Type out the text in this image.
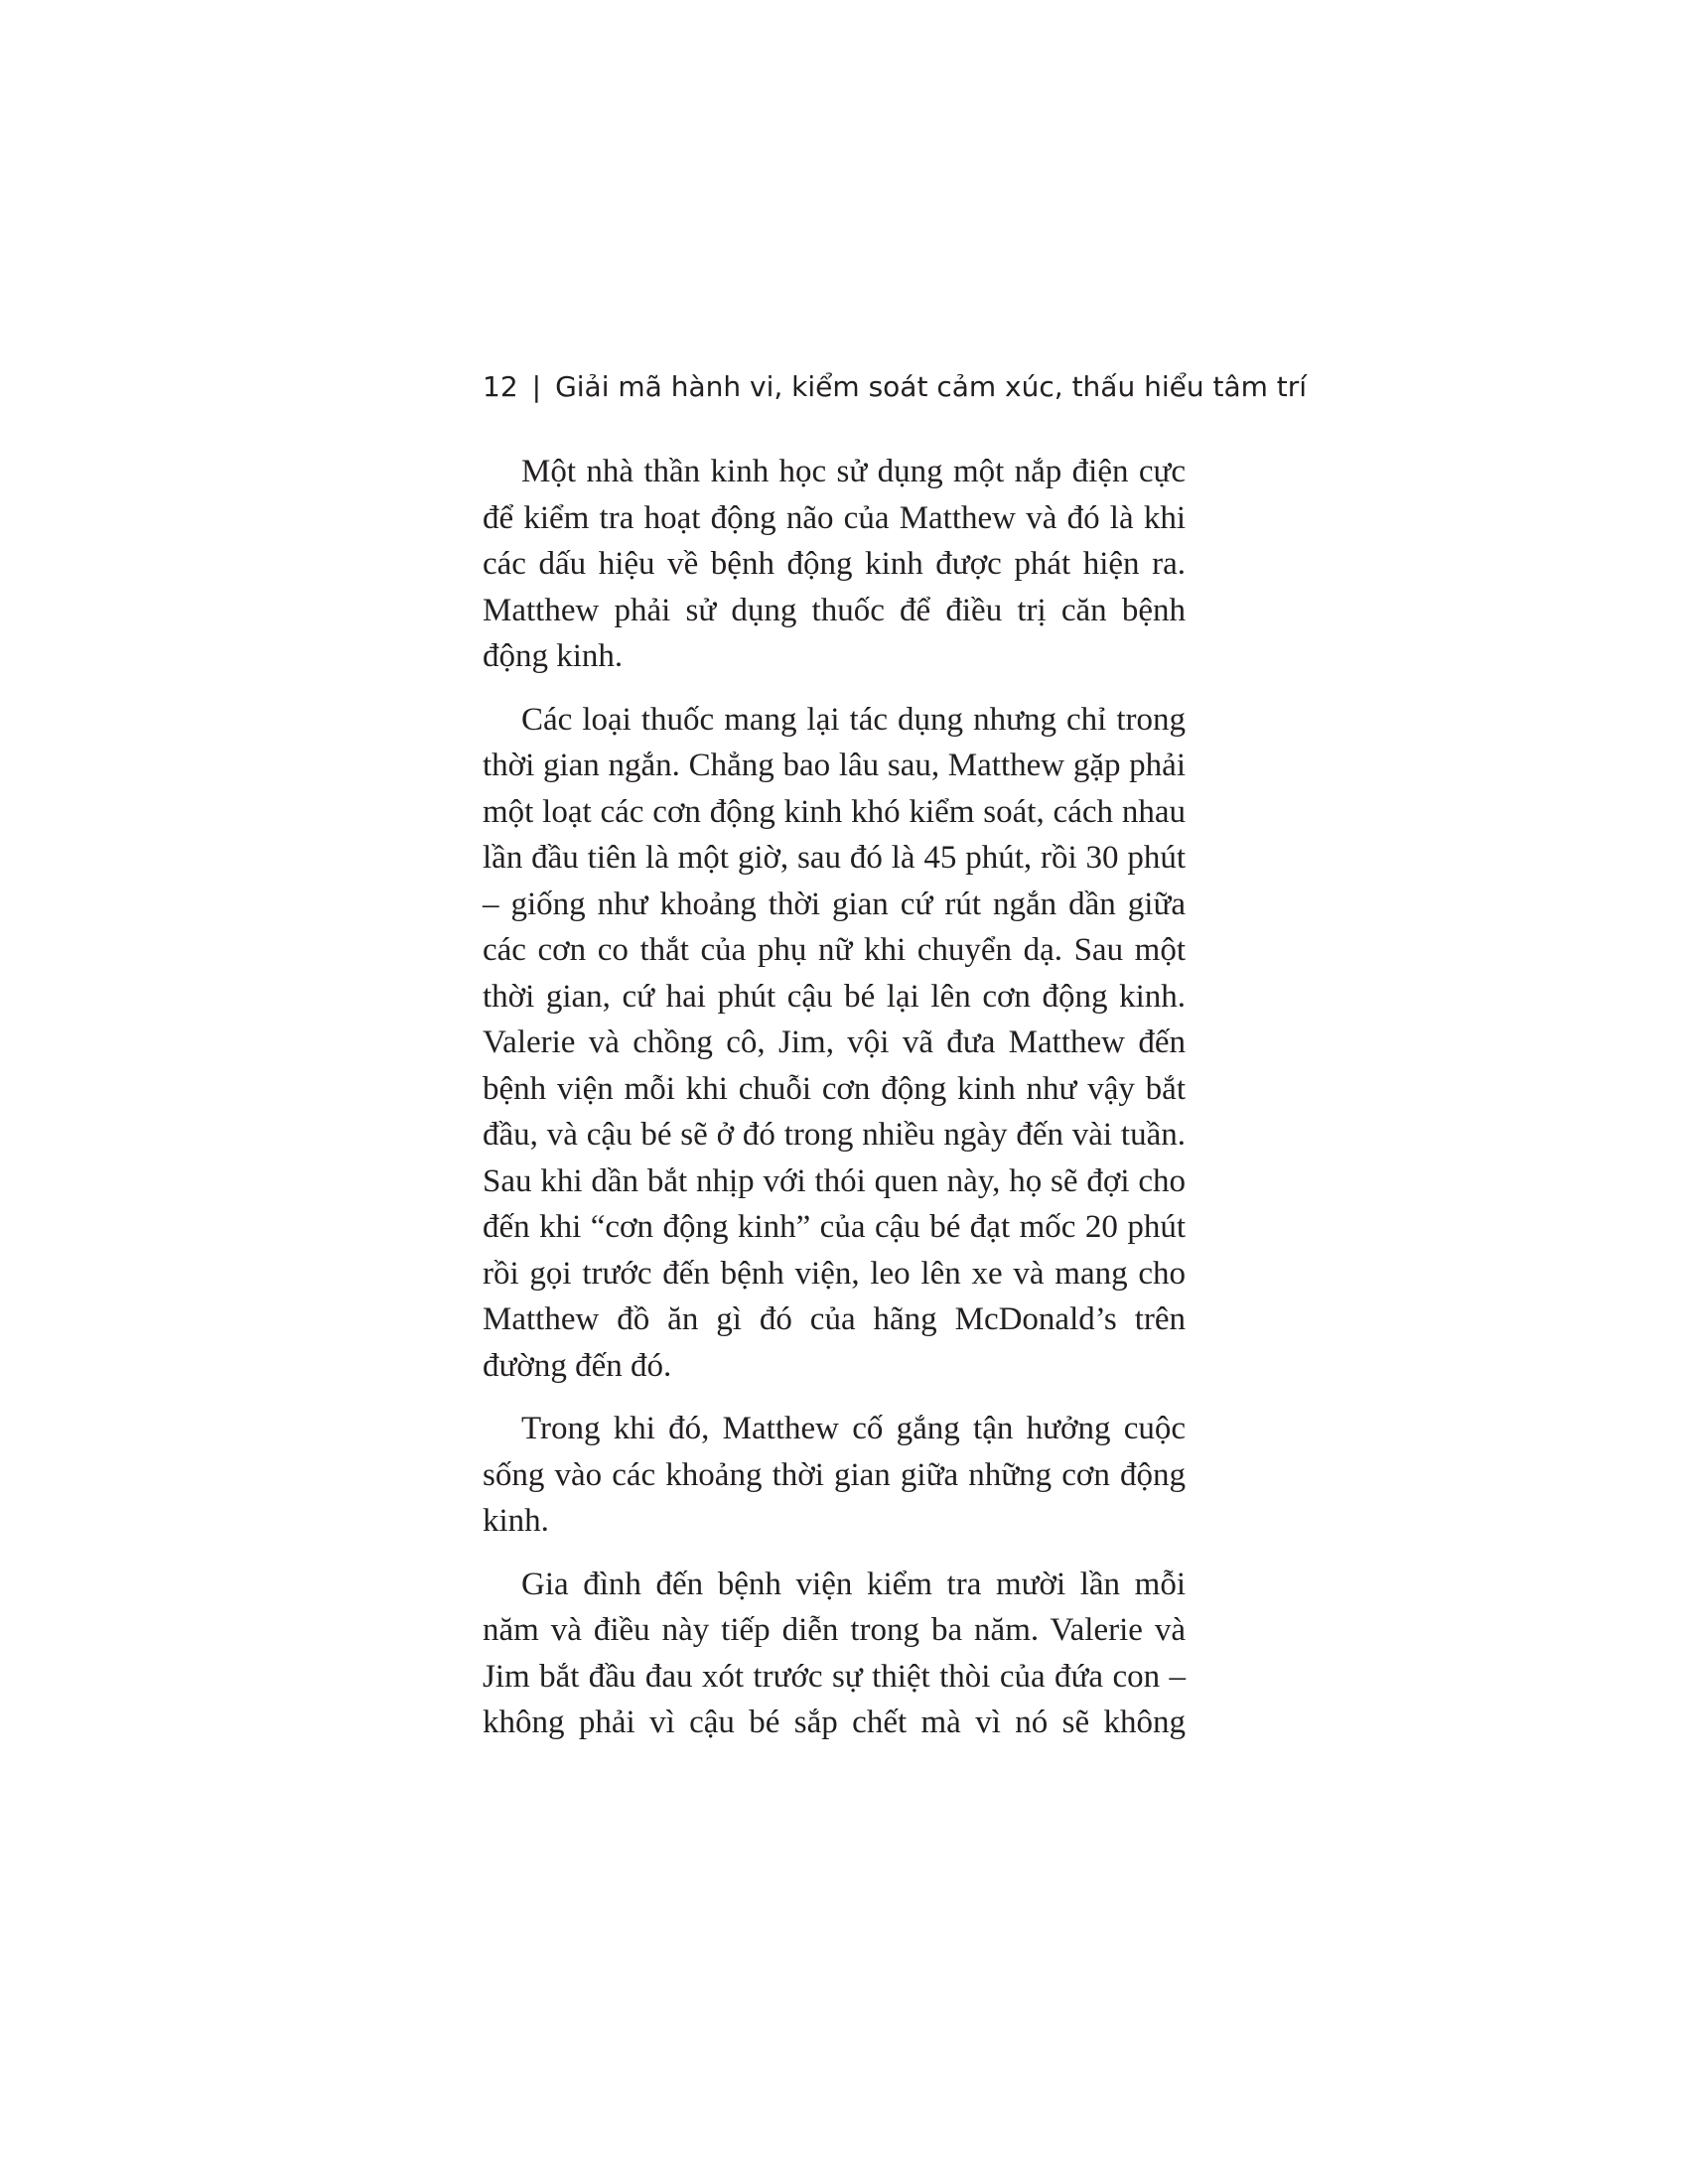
12 | Giải mã hành vi, kiểm soát cảm xúc, thấu hiểu tâm trí

Một nhà thần kinh học sử dụng một nắp điện cực để kiểm tra hoạt động não của Matthew và đó là khi các dấu hiệu về bệnh động kinh được phát hiện ra. Matthew phải sử dụng thuốc để điều trị căn bệnh động kinh.

Các loại thuốc mang lại tác dụng nhưng chỉ trong thời gian ngắn. Chẳng bao lâu sau, Matthew gặp phải một loạt các cơn động kinh khó kiểm soát, cách nhau lần đầu tiên là một giờ, sau đó là 45 phút, rồi 30 phút – giống như khoảng thời gian cứ rút ngắn dần giữa các cơn co thắt của phụ nữ khi chuyển dạ. Sau một thời gian, cứ hai phút cậu bé lại lên cơn động kinh. Valerie và chồng cô, Jim, vội vã đưa Matthew đến bệnh viện mỗi khi chuỗi cơn động kinh như vậy bắt đầu, và cậu bé sẽ ở đó trong nhiều ngày đến vài tuần. Sau khi dần bắt nhịp với thói quen này, họ sẽ đợi cho đến khi “cơn động kinh” của cậu bé đạt mốc 20 phút rồi gọi trước đến bệnh viện, leo lên xe và mang cho Matthew đồ ăn gì đó của hãng McDonald’s trên đường đến đó.

Trong khi đó, Matthew cố gắng tận hưởng cuộc sống vào các khoảng thời gian giữa những cơn động kinh.

Gia đình đến bệnh viện kiểm tra mười lần mỗi năm và điều này tiếp diễn trong ba năm. Valerie và Jim bắt đầu đau xót trước sự thiệt thòi của đứa con – không phải vì cậu bé sắp chết mà vì nó sẽ không
